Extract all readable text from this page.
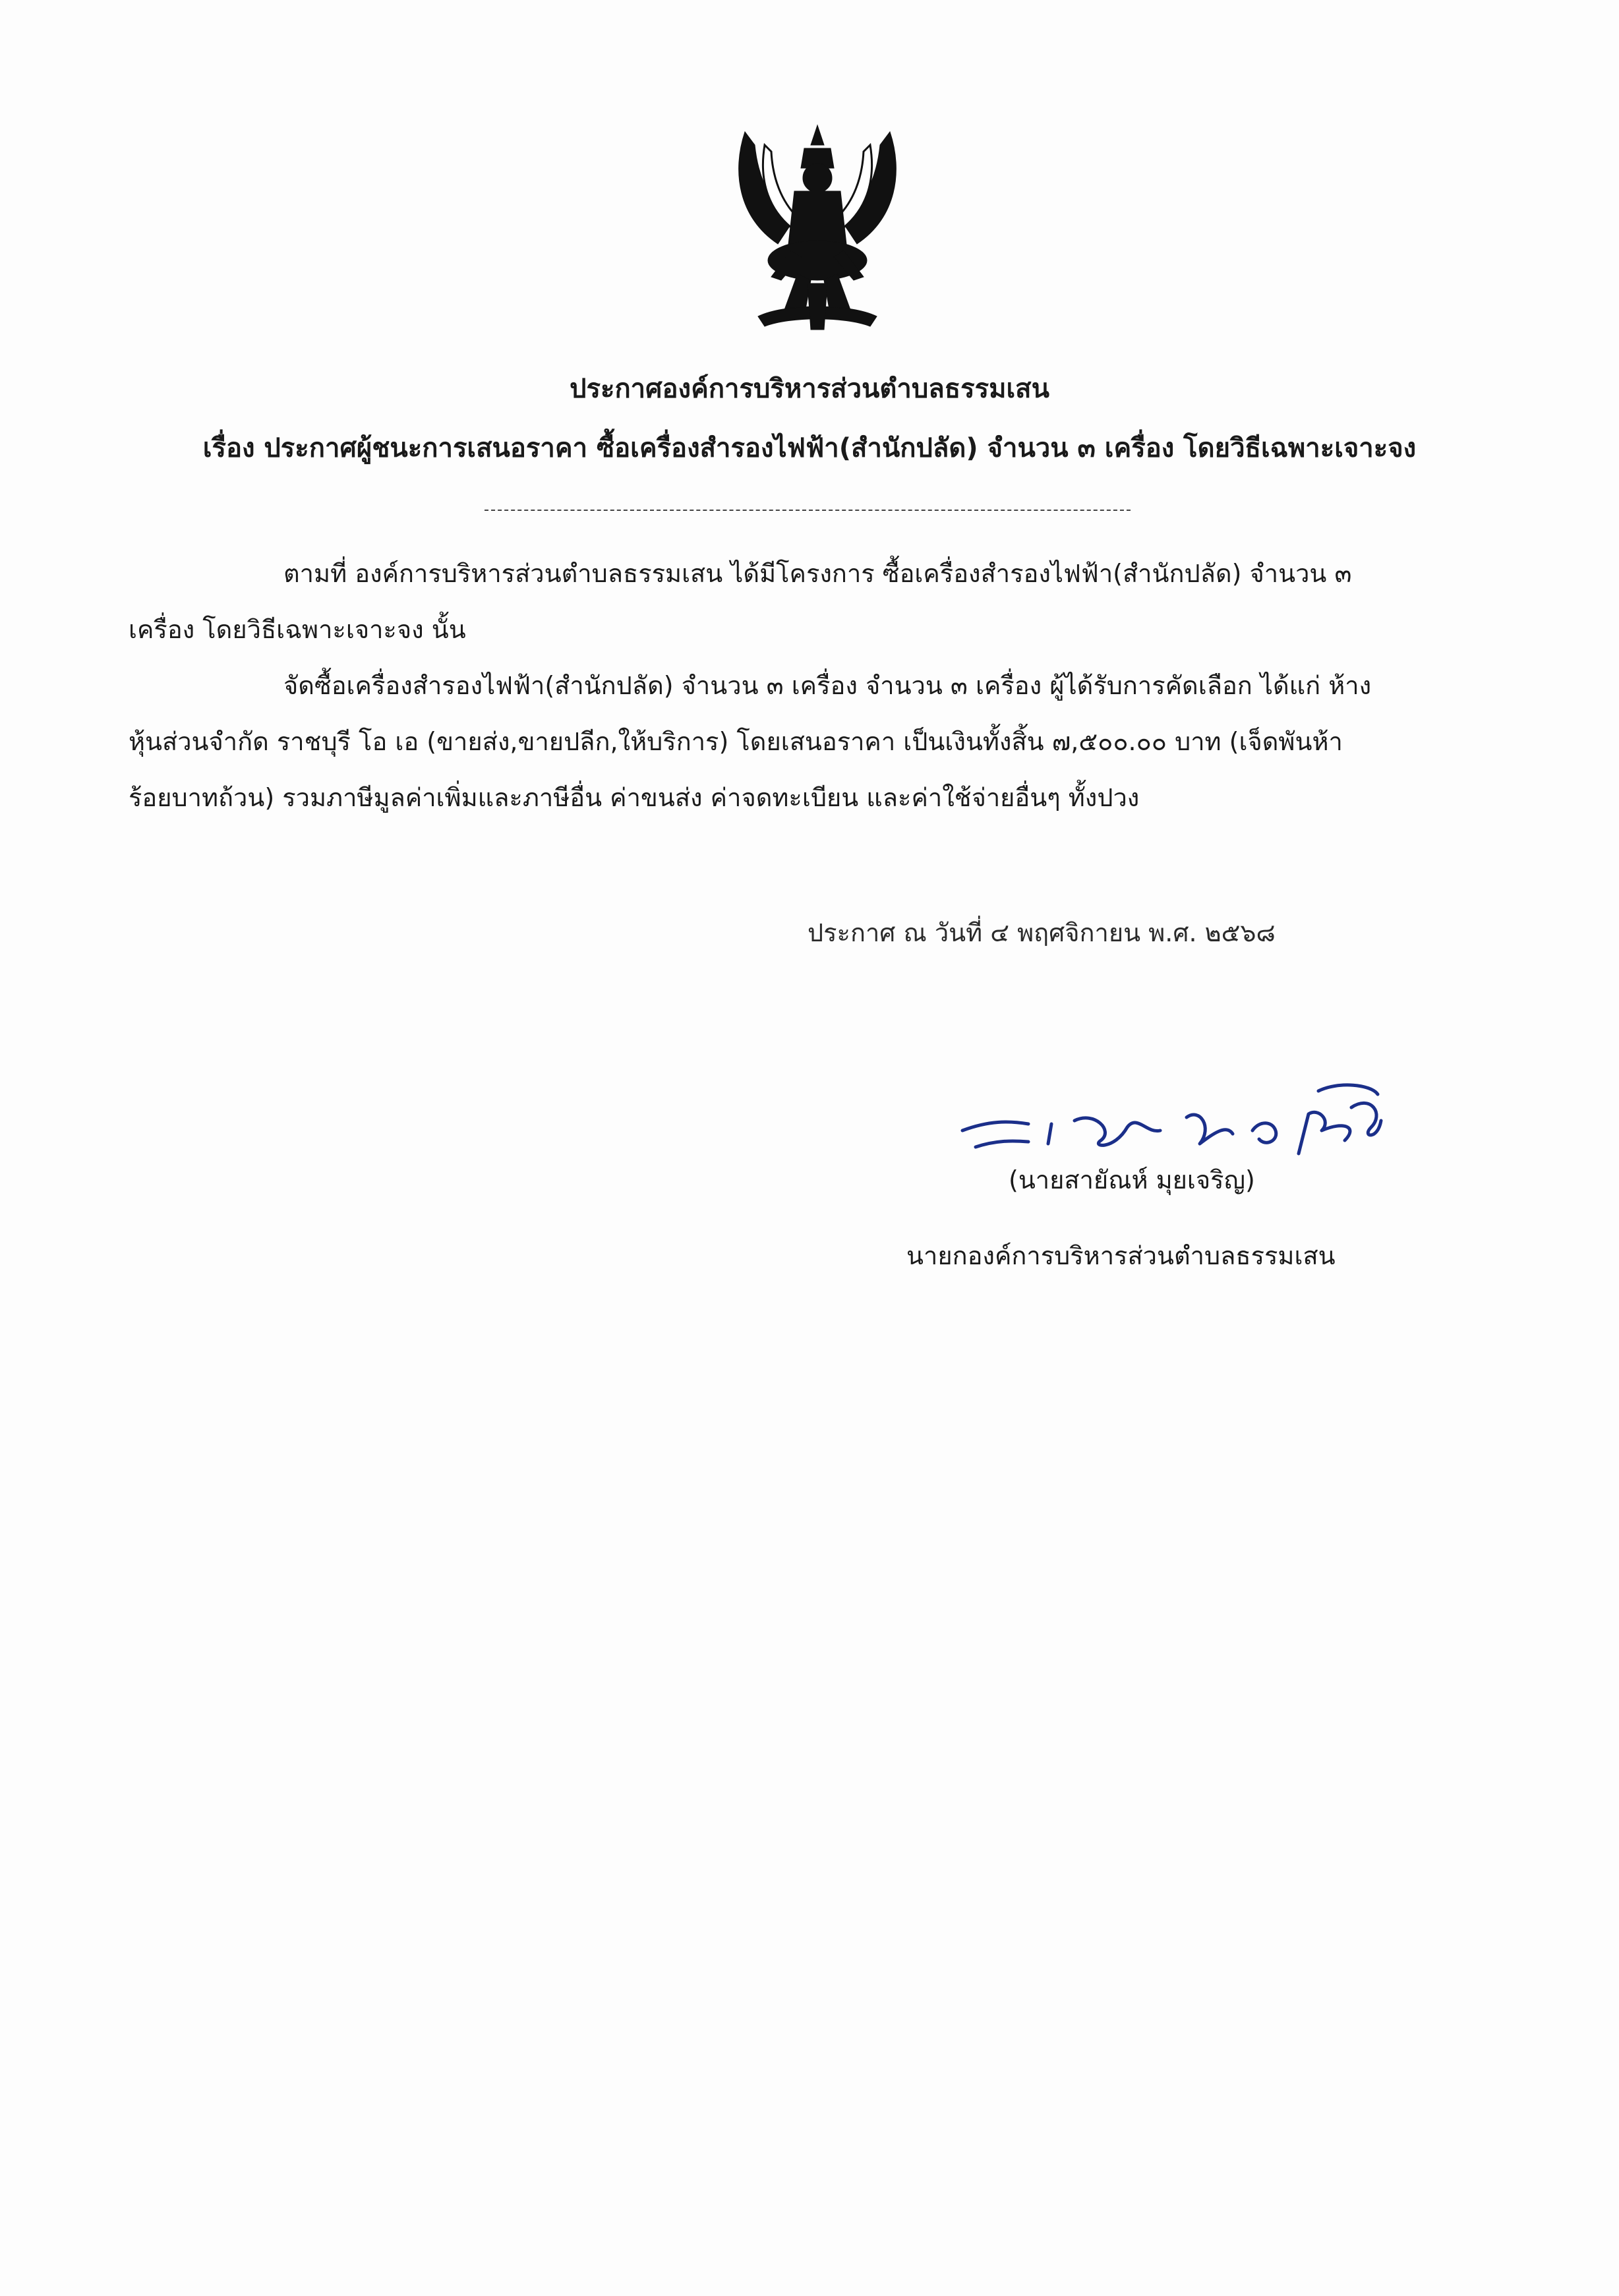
ประกาศองค์การบริหารส่วนตำบลธรรมเสน
เรื่อง ประกาศผู้ชนะการเสนอราคา ซื้อเครื่องสำรองไฟฟ้า(สำนักปลัด) จำนวน ๓ เครื่อง โดยวิธีเฉพาะเจาะจง

ตามที่ องค์การบริหารส่วนตำบลธรรมเสน ได้มีโครงการ ซื้อเครื่องสำรองไฟฟ้า(สำนักปลัด) จำนวน ๓

เครื่อง โดยวิธีเฉพาะเจาะจง นั้น

จัดซื้อเครื่องสำรองไฟฟ้า(สำนักปลัด) จำนวน ๓ เครื่อง จำนวน ๓ เครื่อง ผู้ได้รับการคัดเลือก ได้แก่ ห้าง

หุ้นส่วนจำกัด ราชบุรี โอ เอ (ขายส่ง,ขายปลีก,ให้บริการ) โดยเสนอราคา เป็นเงินทั้งสิ้น ๗,๕๐๐.๐๐ บาท (เจ็ดพันห้า

ร้อยบาทถ้วน) รวมภาษีมูลค่าเพิ่มและภาษีอื่น ค่าขนส่ง ค่าจดทะเบียน และค่าใช้จ่ายอื่นๆ ทั้งปวง

ประกาศ ณ วันที่ ๔ พฤศจิกายน พ.ศ. ๒๕๖๘
(นายสายัณห์ มุยเจริญ)
นายกองค์การบริหารส่วนตำบลธรรมเสน
